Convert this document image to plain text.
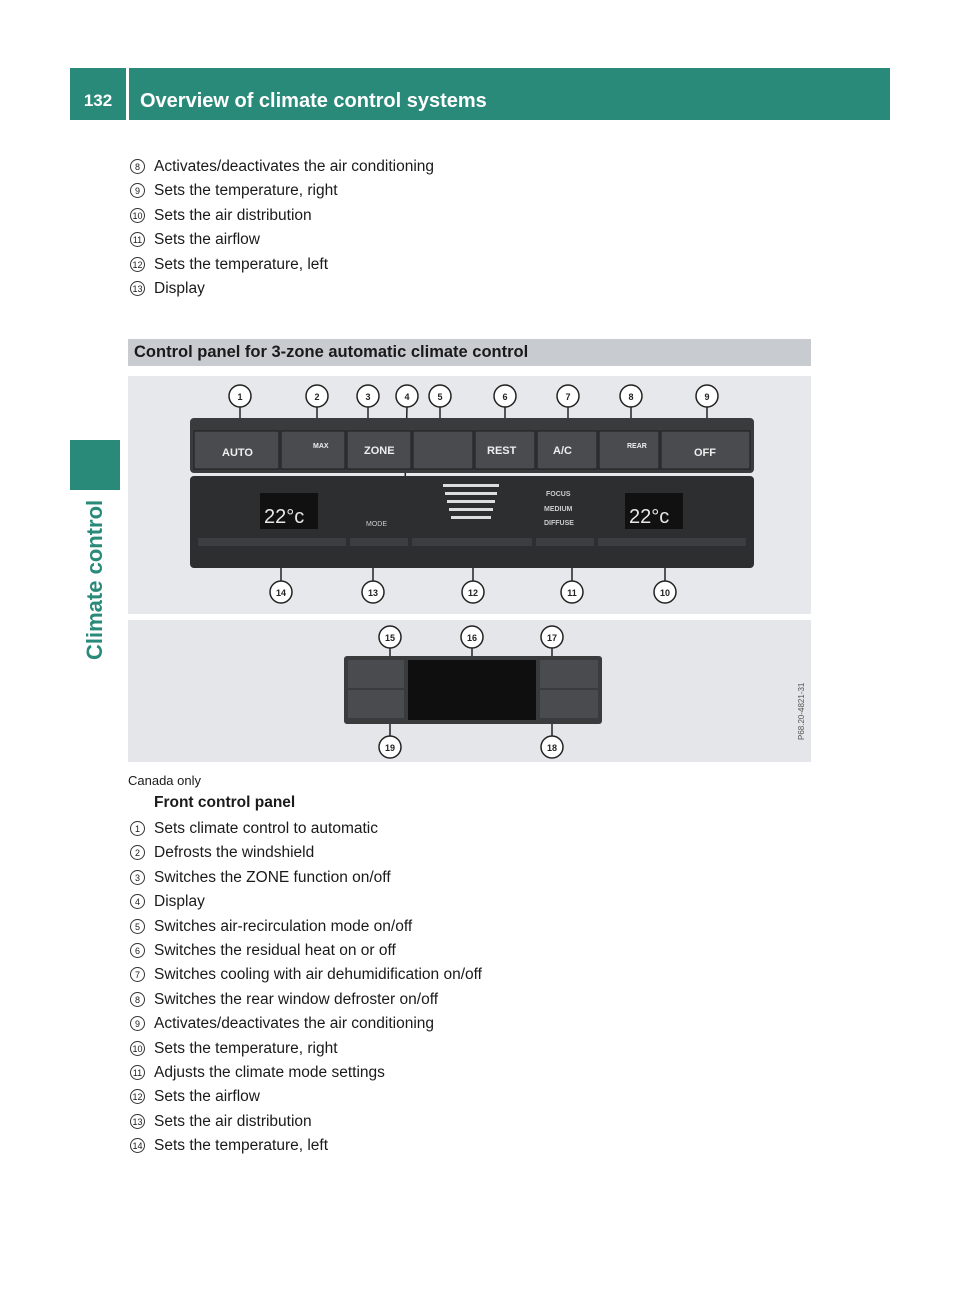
132	Overview of climate control systems
Climate control
8 Activates/deactivates the air conditioning
9 Sets the temperature, right
10 Sets the air distribution
11 Sets the airflow
12 Sets the temperature, left
13 Display
Control panel for 3-zone automatic climate control
AUTO
MAX	ZONE	REST	A/C	REAR
OFF
22°c	22°c
MODE
FOCUS
MEDIUM
DIFFUSE
1	2	3	4	5	6	7	8	9
14	13	12	11	10
P68.20-4821-31
15	16	17
19	18
Canada only
Front control panel
1 Sets climate control to automatic
2 Defrosts the windshield
3 Switches the ZONE function on/off
4 Display
5 Switches air-recirculation mode on/off
6 Switches the residual heat on or off
7 Switches cooling with air dehumidification on/off
8 Switches the rear window defroster on/off
9 Activates/deactivates the air conditioning
10 Sets the temperature, right
11 Adjusts the climate mode settings
12 Sets the airflow
13 Sets the air distribution
14 Sets the temperature, left
